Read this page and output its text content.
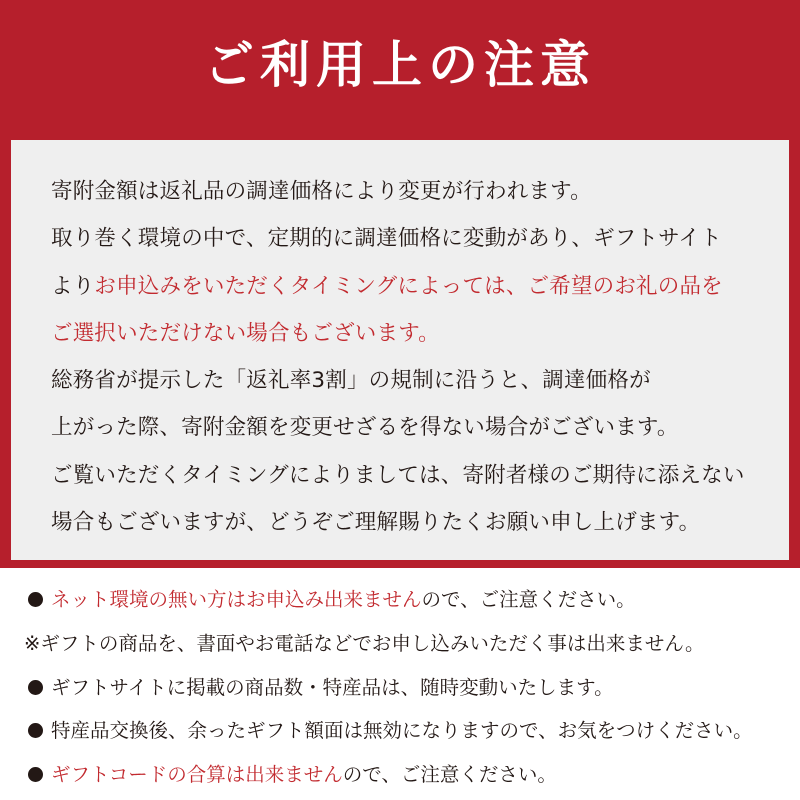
ご利用上の注意
寄附金額は返礼品の調達価格により変更が行われます。
取り巻く環境の中で、定期的に調達価格に変動があり、ギフトサイト
よりお申込みをいただくタイミングによっては、ご希望のお礼の品を
ご選択いただけない場合もございます。
総務省が提示した「返礼率3割」の規制に沿うと、調達価格が
上がった際、寄附金額を変更せざるを得ない場合がございます。
ご覧いただくタイミングによりましては、寄附者様のご期待に添えない
場合もございますが、どうぞご理解賜りたくお願い申し上げます。
ネット環境の無い方はお申込み出来ませんので、ご注意ください。
※ギフトの商品を、書面やお電話などでお申し込みいただく事は出来ません。
ギフトサイトに掲載の商品数・特産品は、随時変動いたします。
特産品交換後、余ったギフト額面は無効になりますので、お気をつけください。
ギフトコードの合算は出来ませんので、ご注意ください。
